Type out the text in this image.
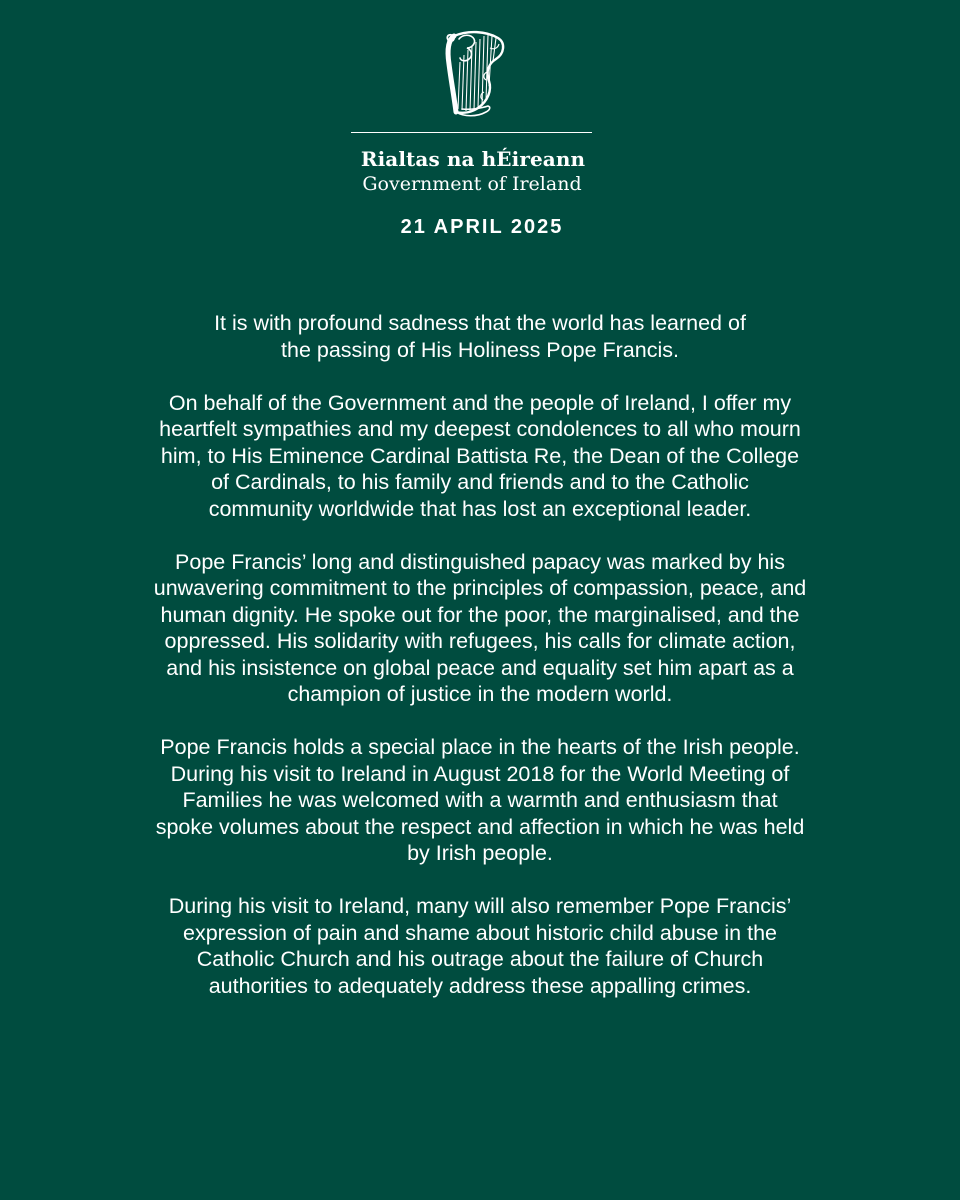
Rialtas na hÉireann
Government of Ireland
21 APRIL 2025

It is with profound sadness that the world has learned of
the passing of His Holiness Pope Francis.

On behalf of the Government and the people of Ireland, I offer my
heartfelt sympathies and my deepest condolences to all who mourn
him, to His Eminence Cardinal Battista Re, the Dean of the College
of Cardinals, to his family and friends and to the Catholic
community worldwide that has lost an exceptional leader.

Pope Francis’ long and distinguished papacy was marked by his
unwavering commitment to the principles of compassion, peace, and
human dignity. He spoke out for the poor, the marginalised, and the
oppressed. His solidarity with refugees, his calls for climate action,
and his insistence on global peace and equality set him apart as a
champion of justice in the modern world.

Pope Francis holds a special place in the hearts of the Irish people.
During his visit to Ireland in August 2018 for the World Meeting of
Families he was welcomed with a warmth and enthusiasm that
spoke volumes about the respect and affection in which he was held
by Irish people.

During his visit to Ireland, many will also remember Pope Francis’
expression of pain and shame about historic child abuse in the
Catholic Church and his outrage about the failure of Church
authorities to adequately address these appalling crimes.
